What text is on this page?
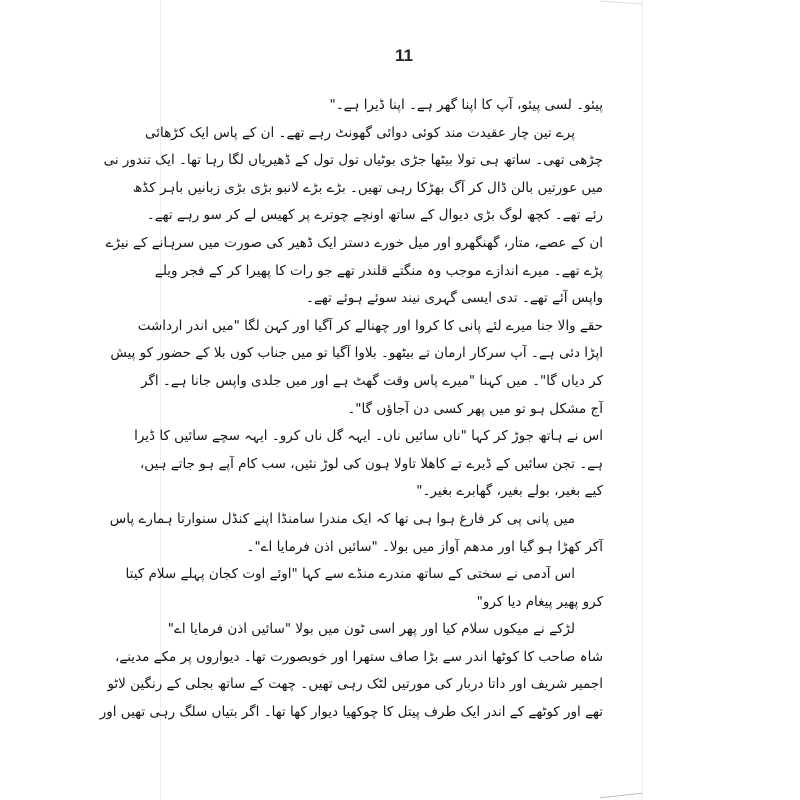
11
پیئو۔ لسی پیئو، آپ کا اپنا گھر ہے۔ اپنا ڈیرا ہے۔"
پرے تین چار عقیدت مند کوئی دوائی گھونٹ رہے تھے۔ ان کے پاس ایک کڑھائی
چڑھی تھی۔ ساتھ ہی تولا بیٹھا جڑی بوٹیاں تول تول کے ڈھیریاں لگا رہا تھا۔ ایک تندور نی
میں عورتیں بالن ڈال کر آگ بھڑکا رہی تھیں۔ بڑے بڑے لانبو بڑی بڑی زبانیں باہر کڈھ
رئے تھے۔ کچھ لوگ بڑی دیوال کے ساتھ اونچے چوترے پر کھیس لے کر سو رہے تھے۔
ان کے عصے، متار، گھنگھرو اور میل خورے دستر ایک ڈھیر کی صورت میں سرہانے کے نیڑے
پڑے تھے۔ میرے اندازے موجب وہ منگتے قلندر تھے جو رات کا پھیرا کر کے فجر ویلے
واپس آئے تھے۔ تدی ایسی گہری نیند سوئے ہوئے تھے۔
حقے والا جنا میرے لئے پانی کا کروا اور چھنالے کر آگیا اور کہن لگا "میں اندر ارداشت
اپڑا دئی ہے۔ آپ سرکار ارمان تے بیٹھو۔ بلاوا آگیا تو میں جناب کوں بلا کے حضور کو پیش
کر دیاں گا"۔ میں کہنا "میرے پاس وقت گھٹ ہے اور میں جلدی واپس جانا ہے۔ اگر
آج مشکل ہو تو میں پھر کسی دن آجاؤں گا"۔
اس نے ہاتھ جوڑ کر کہا "ناں سائیں ناں۔ ایہہ گل ناں کرو۔ ایہہ سچے سائیں کا ڈیرا
ہے۔ تجن سائیں کے ڈیرے تے کاهلا تاولا ہون کی لوڑ نئیں، سب کام آپے ہو جاتے ہیں،
کیے بغیر، بولے بغیر، گھابرے بغیر۔"
میں پانی پی کر فارغ ہوا ہی تھا کہ ایک مندرا سامنڈا اپنے کنڈل سنوارتا ہمارے پاس
آکر کھڑا ہو گیا اور مدھم آواز میں بولا۔ "سائیں اذن فرمایا اے"۔
اس آدمی نے سختی کے ساتھ مندرے منڈے سے کہا "اوئے اوت کجان پہلے سلام کیتا
کرو پھیر پیغام دیا کرو"
لڑکے نے میکوں سلام کیا اور پھر اسی ٹون میں بولا "سائیں اذن فرمایا اے"
شاہ صاحب کا کوٹھا اندر سے بڑا صاف ستھرا اور خوبصورت تھا۔ دیواروں پر مکے مدینے،
اجمیر شریف اور داتا دربار کی مورتیں لٹک رہی تھیں۔ چھت کے ساتھ بجلی کے رنگین لاٹو
تھے اور کوٹھے کے اندر ایک طرف پیتل کا چوکھیا دیوار کھا تھا۔ اگر بتیاں سلگ رہی تھیں اور
